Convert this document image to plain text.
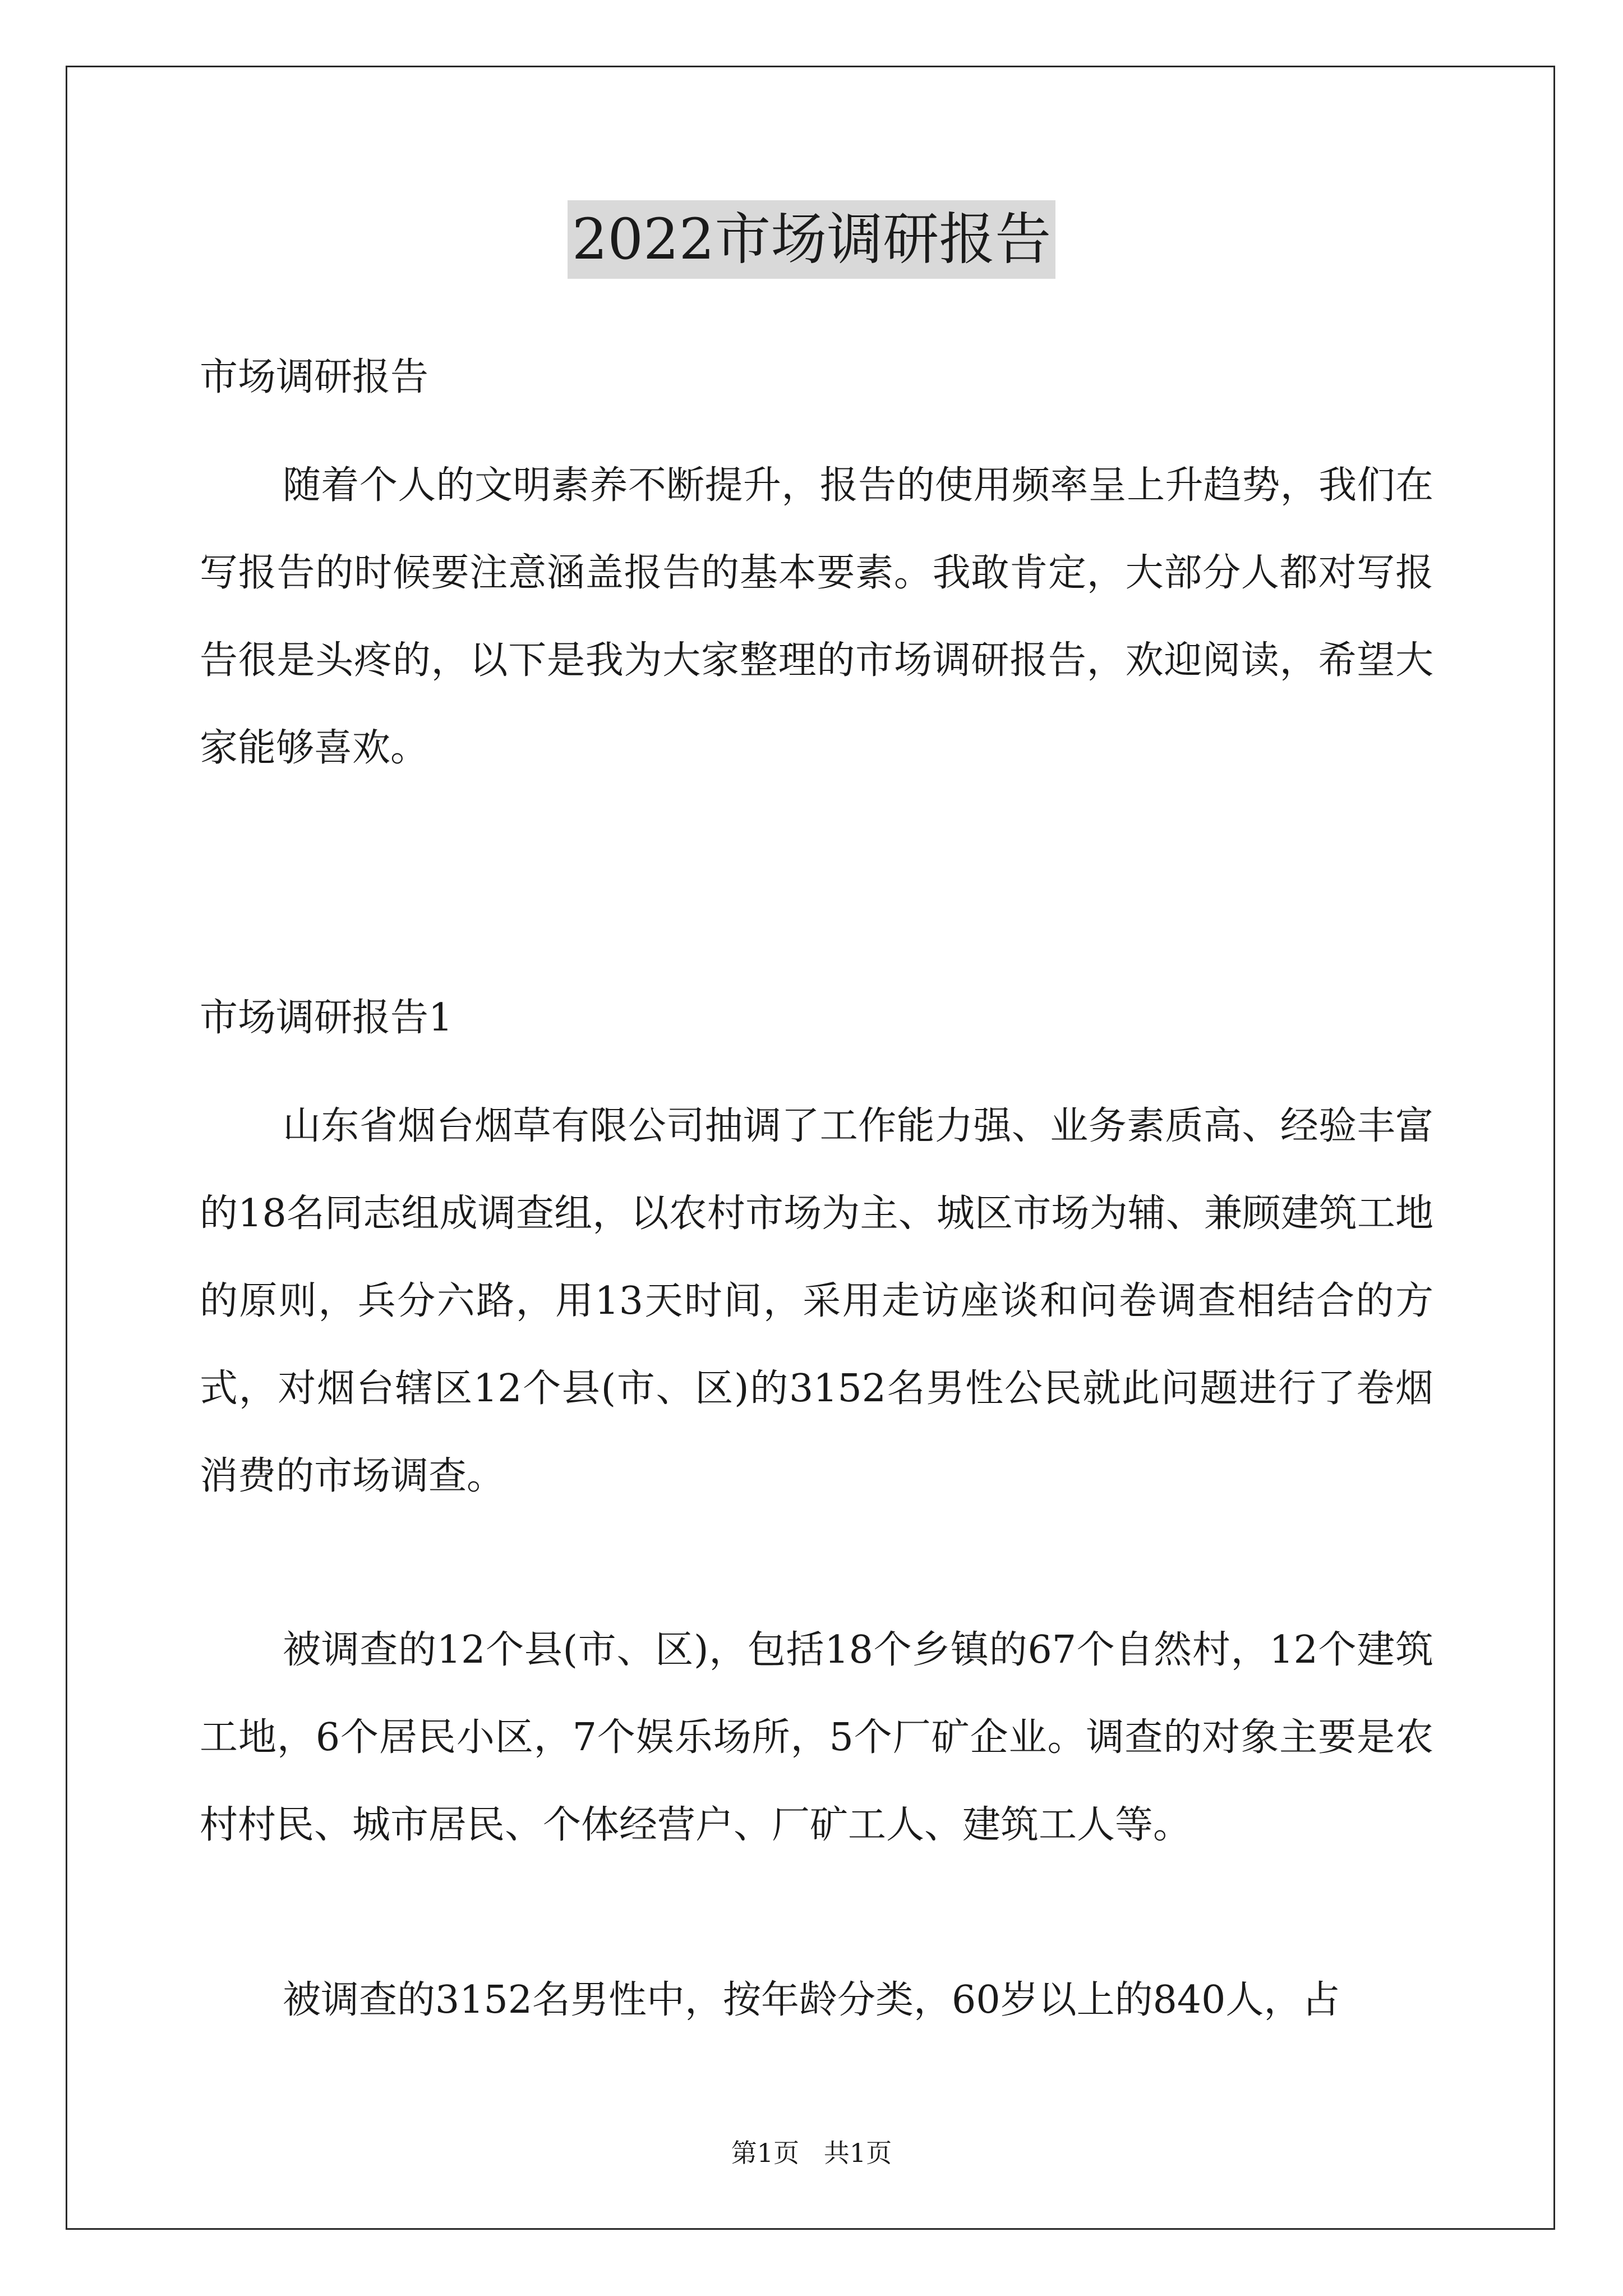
2022市场调研报告
市场调研报告
随着个人的文明素养不断提升，报告的使用频率呈上升趋势，我们在写报告的时候要注意涵盖报告的基本要素。我敢肯定，大部分人都对写报告很是头疼的，以下是我为大家整理的市场调研报告，欢迎阅读，希望大家能够喜欢。
市场调研报告1
山东省烟台烟草有限公司抽调了工作能力强、业务素质高、经验丰富的18名同志组成调查组，以农村市场为主、城区市场为辅、兼顾建筑工地的原则，兵分六路，用13天时间，采用走访座谈和问卷调查相结合的方式，对烟台辖区12个县(市、区)的3152名男性公民就此问题进行了卷烟消费的市场调查。
被调查的12个县(市、区)，包括18个乡镇的67个自然村，12个建筑工地，6个居民小区，7个娱乐场所，5个厂矿企业。调查的对象主要是农村村民、城市居民、个体经营户、厂矿工人、建筑工人等。
被调查的3152名男性中，按年龄分类，60岁以上的840人，占
第1页   共1页
